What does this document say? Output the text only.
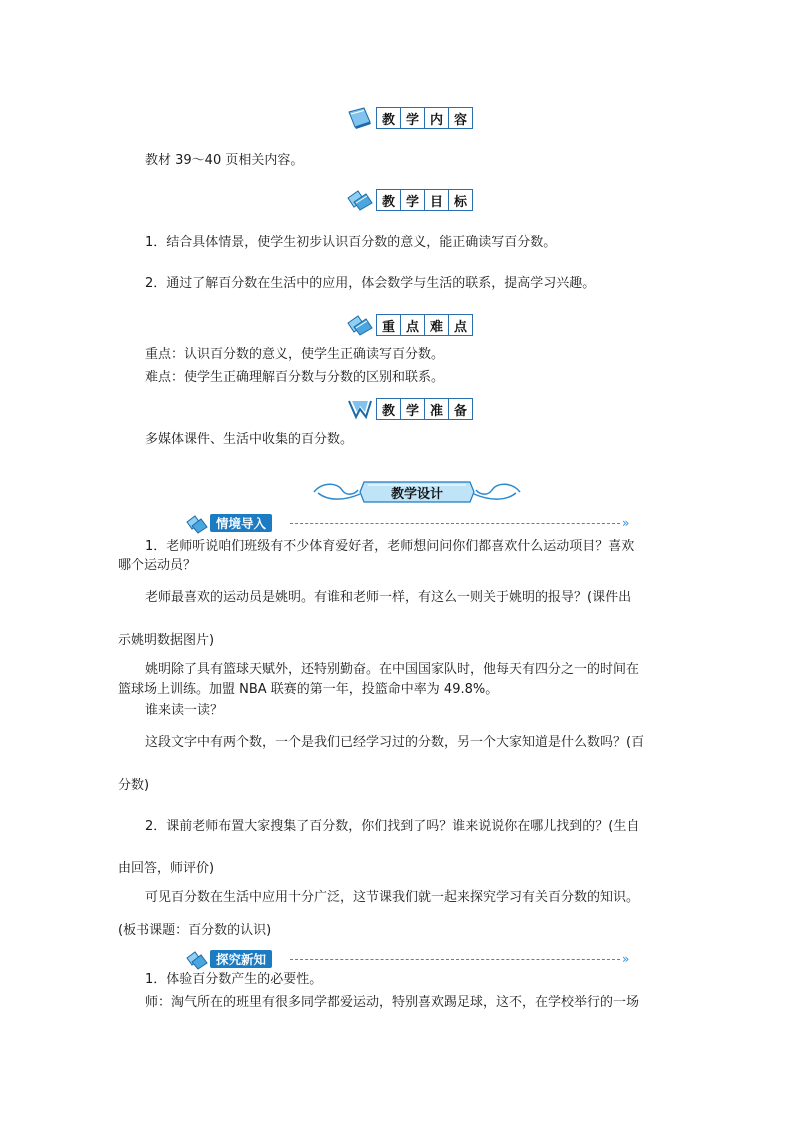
教 学 内 容
教材 39～40 页相关内容。
教 学 目 标
1．结合具体情景，使学生初步认识百分数的意义，能正确读写百分数。
2．通过了解百分数在生活中的应用，体会数学与生活的联系，提高学习兴趣。
重 点 难 点
重点：认识百分数的意义，使学生正确读写百分数。
难点：使学生正确理解百分数与分数的区别和联系。
教 学 准 备
多媒体课件、生活中收集的百分数。
教学设计
情境导入	»
1．老师听说咱们班级有不少体育爱好者，老师想问问你们都喜欢什么运动项目？喜欢
哪个运动员？
老师最喜欢的运动员是姚明。有谁和老师一样，有这么一则关于姚明的报导？(课件出
示姚明数据图片)
姚明除了具有篮球天赋外，还特别勤奋。在中国国家队时，他每天有四分之一的时间在
篮球场上训练。加盟 NBA 联赛的第一年，投篮命中率为 49.8%。
谁来读一读？
这段文字中有两个数，一个是我们已经学习过的分数，另一个大家知道是什么数吗？(百
分数)
2．课前老师布置大家搜集了百分数，你们找到了吗？谁来说说你在哪儿找到的？(生自
由回答，师评价)
可见百分数在生活中应用十分广泛，这节课我们就一起来探究学习有关百分数的知识。
(板书课题：百分数的认识)
探究新知	»
1．体验百分数产生的必要性。
师：淘气所在的班里有很多同学都爱运动，特别喜欢踢足球，这不，在学校举行的一场
